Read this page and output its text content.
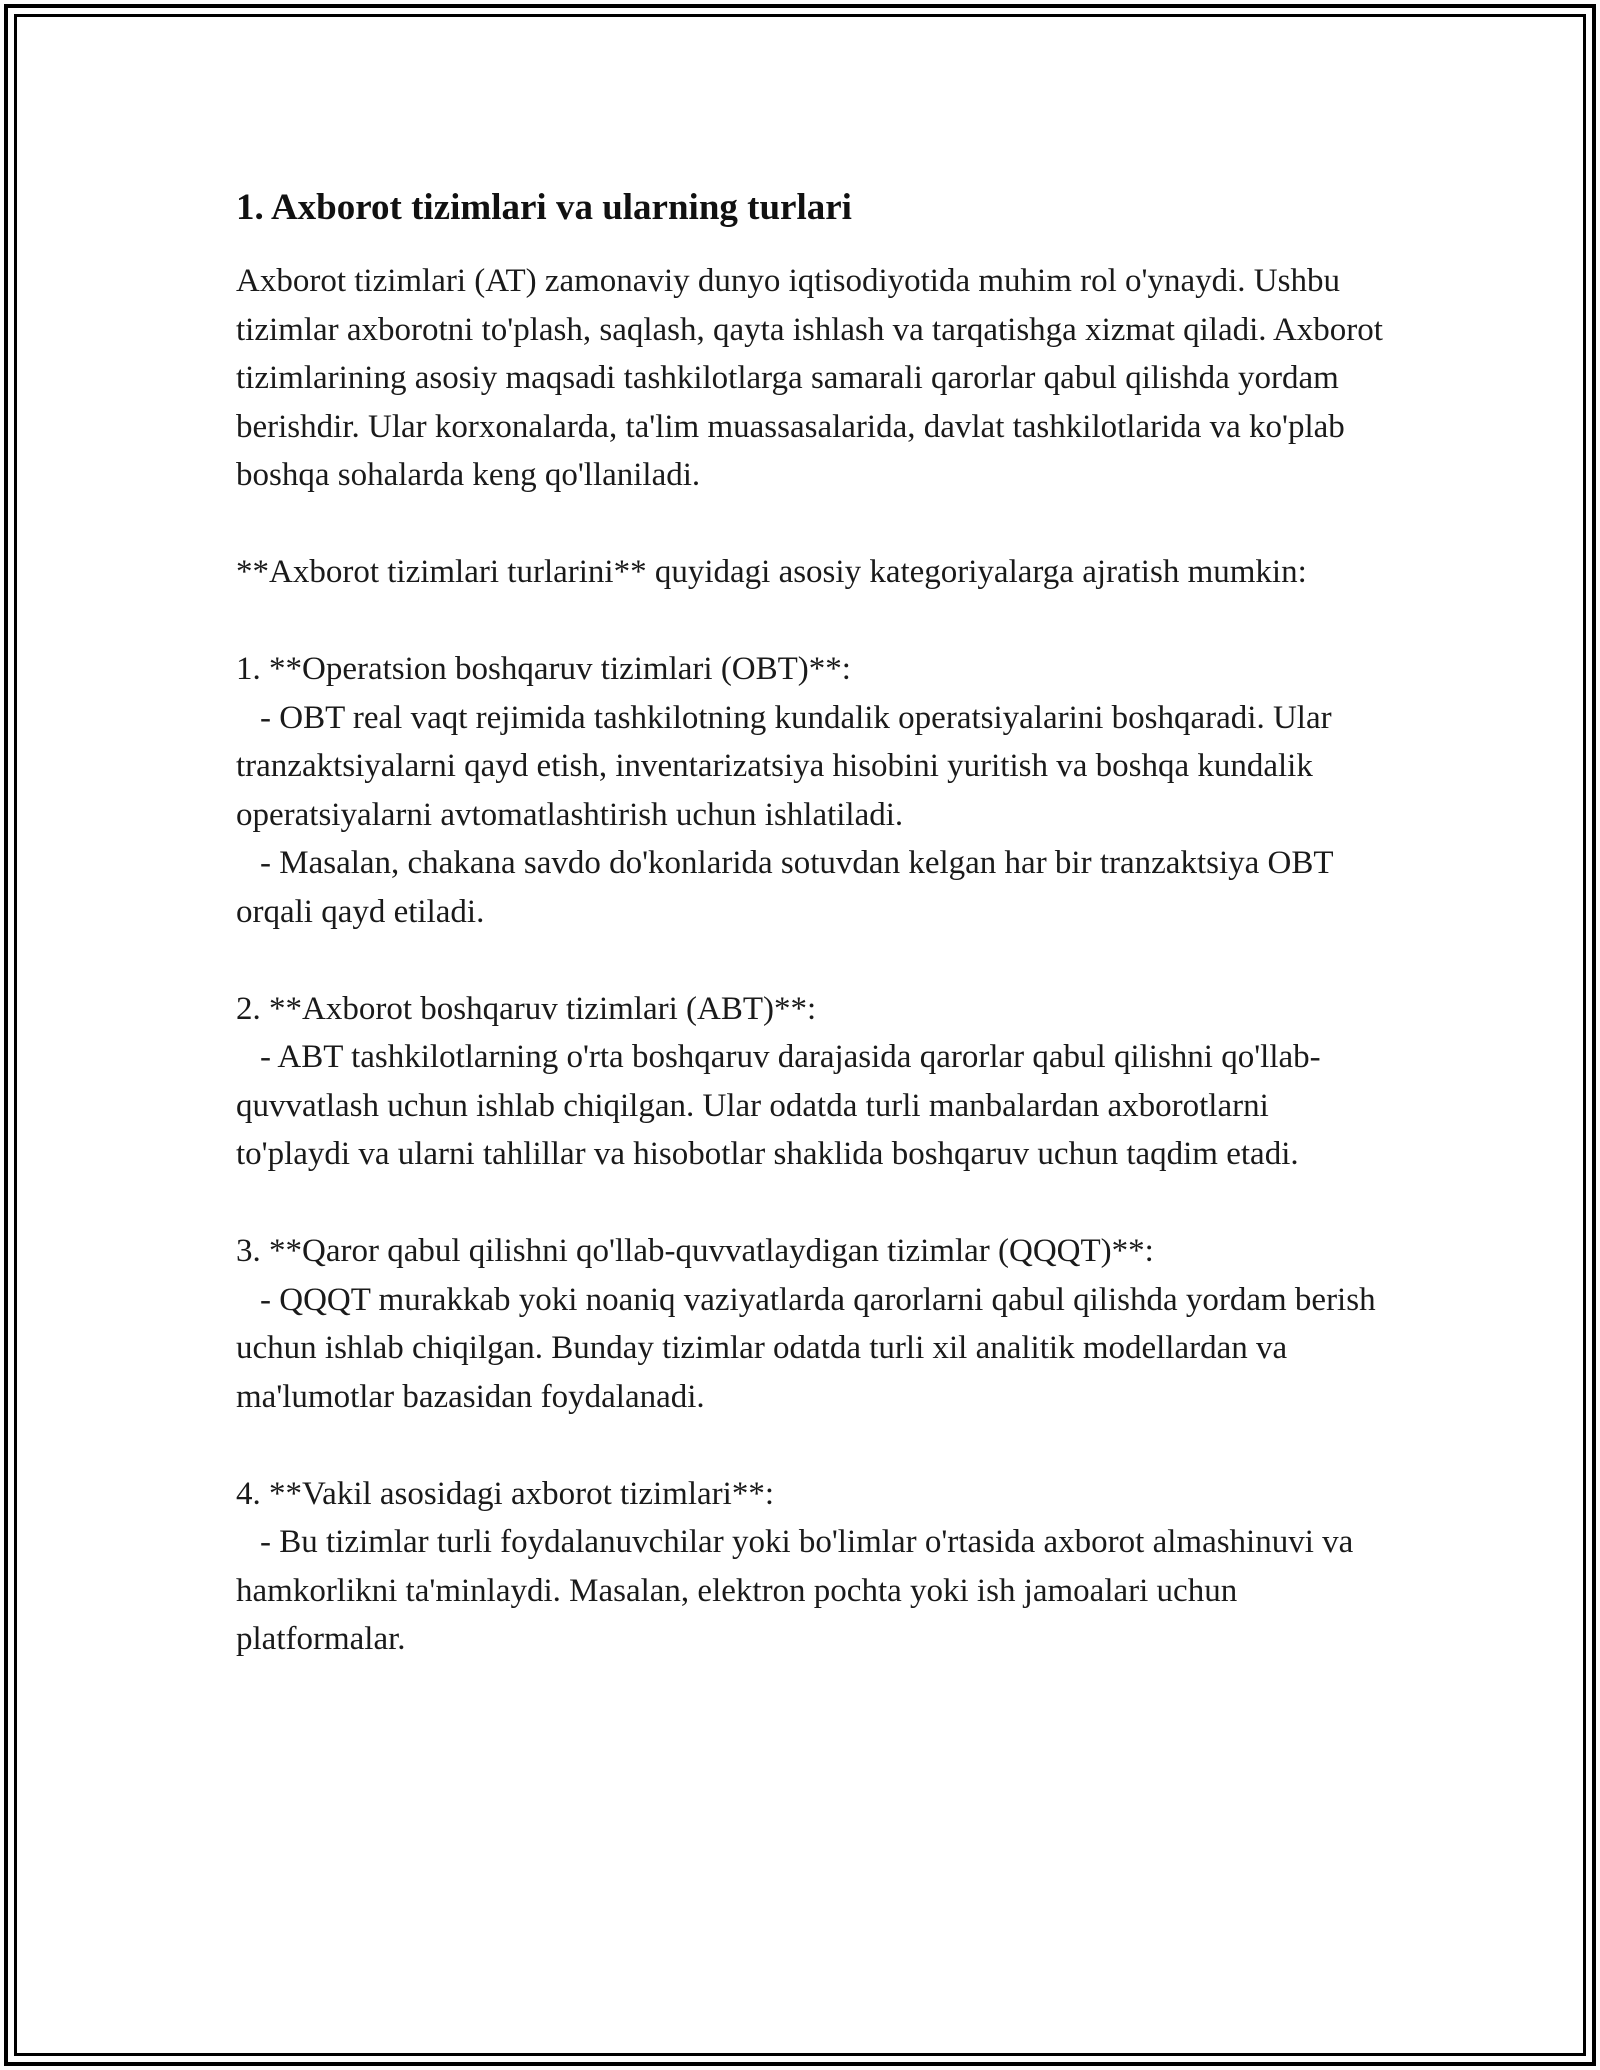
1. Axborot tizimlari va ularning turlari

Axborot tizimlari (AT) zamonaviy dunyo iqtisodiyotida muhim rol o'ynaydi. Ushbu tizimlar axborotni to'plash, saqlash, qayta ishlash va tarqatishga xizmat qiladi. Axborot tizimlarining asosiy maqsadi tashkilotlarga samarali qarorlar qabul qilishda yordam berishdir. Ular korxonalarda, ta'lim muassasalarida, davlat tashkilotlarida va ko'plab boshqa sohalarda keng qo'llaniladi.

**Axborot tizimlari turlarini** quyidagi asosiy kategoriyalarga ajratish mumkin:

1. **Operatsion boshqaruv tizimlari (OBT)**:

- OBT real vaqt rejimida tashkilotning kundalik operatsiyalarini boshqaradi. Ular tranzaktsiyalarni qayd etish, inventarizatsiya hisobini yuritish va boshqa kundalik operatsiyalarni avtomatlashtirish uchun ishlatiladi.

- Masalan, chakana savdo do'konlarida sotuvdan kelgan har bir tranzaktsiya OBT orqali qayd etiladi.

2. **Axborot boshqaruv tizimlari (ABT)**:

- ABT tashkilotlarning o'rta boshqaruv darajasida qarorlar qabul qilishni qo'llab-quvvatlash uchun ishlab chiqilgan. Ular odatda turli manbalardan axborotlarni to'playdi va ularni tahlillar va hisobotlar shaklida boshqaruv uchun taqdim etadi.

3. **Qaror qabul qilishni qo'llab-quvvatlaydigan tizimlar (QQQT)**:

- QQQT murakkab yoki noaniq vaziyatlarda qarorlarni qabul qilishda yordam berish uchun ishlab chiqilgan. Bunday tizimlar odatda turli xil analitik modellardan va ma'lumotlar bazasidan foydalanadi.

4. **Vakil asosidagi axborot tizimlari**:

- Bu tizimlar turli foydalanuvchilar yoki bo'limlar o'rtasida axborot almashinuvi va hamkorlikni ta'minlaydi. Masalan, elektron pochta yoki ish jamoalari uchun platformalar.
